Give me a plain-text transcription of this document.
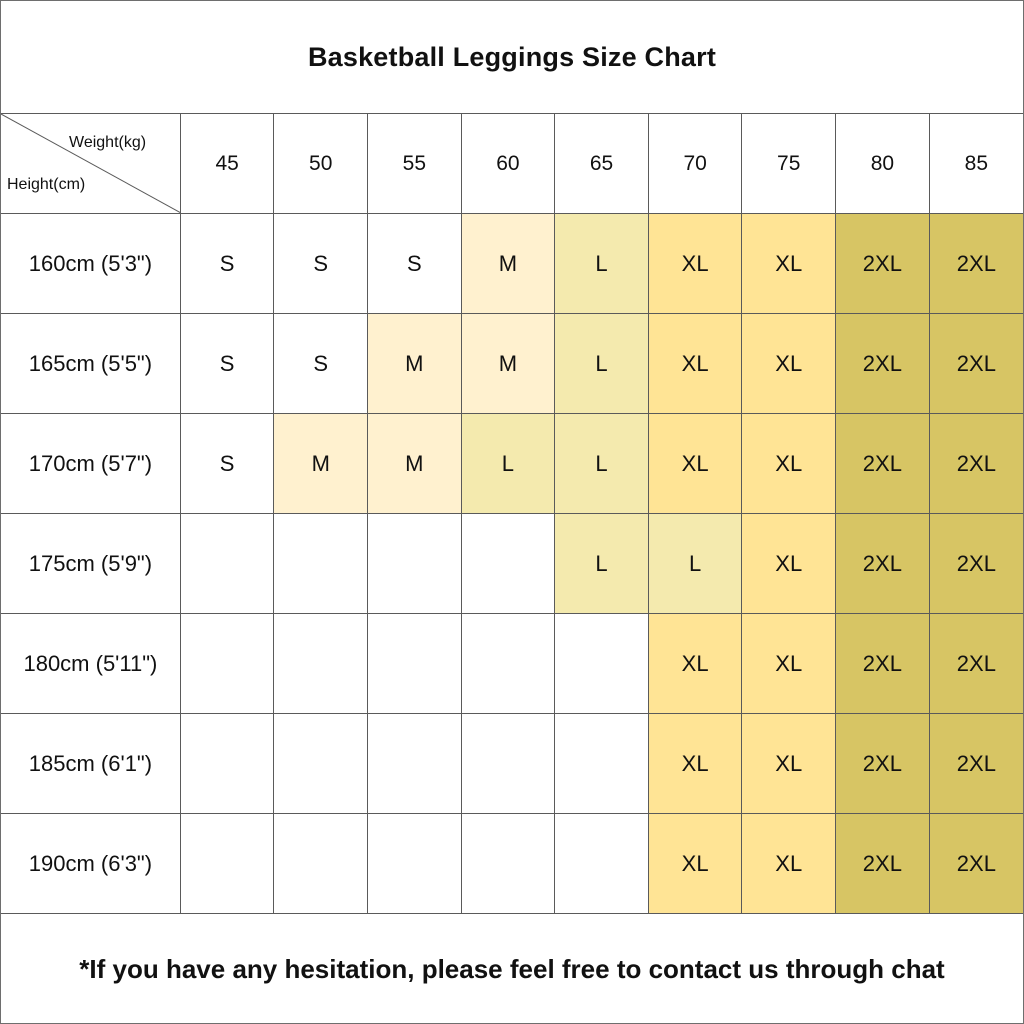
Basketball Leggings Size Chart
Weight(kg)
Height(cm)	45	50	55	60	65	70	75	80	85
160cm (5'3")	S	S	S	M	L	XL	XL	2XL	2XL
165cm (5'5")	S	S	M	M	L	XL	XL	2XL	2XL
170cm (5'7")	S	M	M	L	L	XL	XL	2XL	2XL
175cm (5'9")					L	L	XL	2XL	2XL
180cm (5'11")						XL	XL	2XL	2XL
185cm (6'1")						XL	XL	2XL	2XL
190cm (6'3")						XL	XL	2XL	2XL
*If you have any hesitation, please feel free to contact us through chat
